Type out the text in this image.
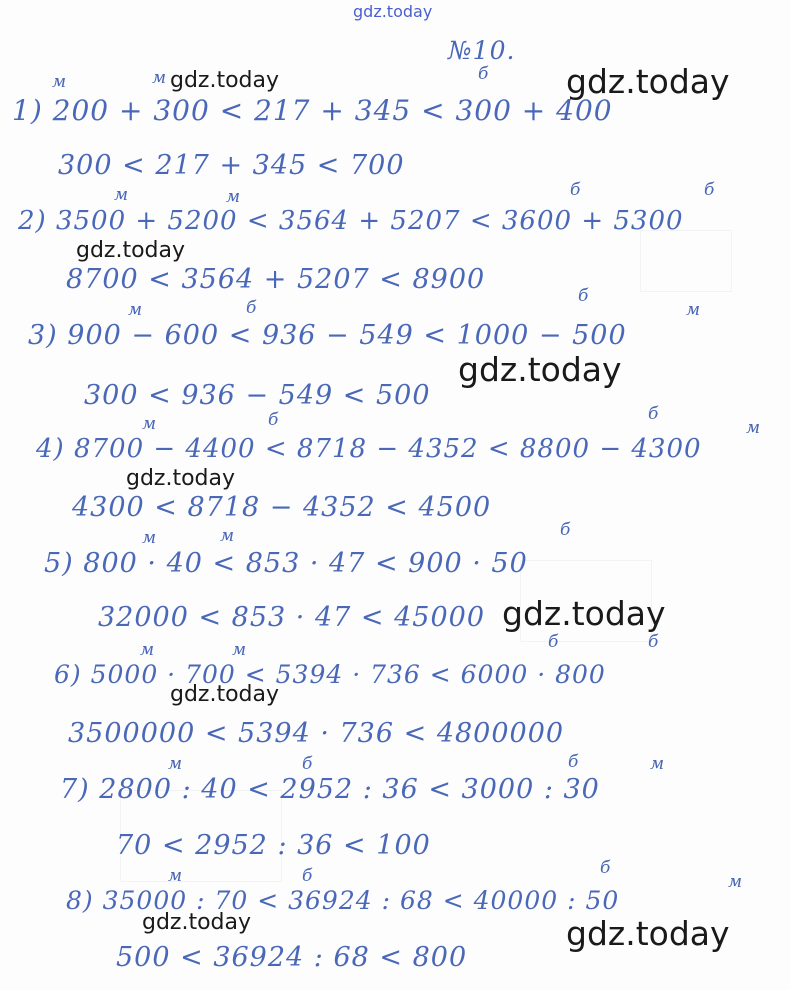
gdz.today
№10.
м	м	б
1) 200 + 300 < 217 + 345 < 300 + 400
300 < 217 + 345 < 700
м	м	б	б
2) 3500 + 5200 < 3564 + 5207 < 3600 + 5300
8700 < 3564 + 5207 < 8900
м	б
б
м
3) 900 − 600 < 936 − 549 < 1000 − 500
300 < 936 − 549 < 500
м	б	б
м
4) 8700 − 4400 < 8718 − 4352 < 8800 − 4300
4300 < 8718 − 4352 < 4500
м	м	б
5) 800 · 40 < 853 · 47 < 900 · 50
32000 < 853 · 47 < 45000
м	м	б	б
6) 5000 · 700 < 5394 · 736 < 6000 · 800
3500000 < 5394 · 736 < 4800000
м	б	б	м
7) 2800 : 40 < 2952 : 36 < 3000 : 30
70 < 2952 : 36 < 100
м	б	б
м
8) 35000 : 70 < 36924 : 68 < 40000 : 50
500 < 36924 : 68 < 800
gdz.today	gdz.today
gdz.today
gdz.today
gdz.today
gdz.today
gdz.today
gdz.today	gdz.today
